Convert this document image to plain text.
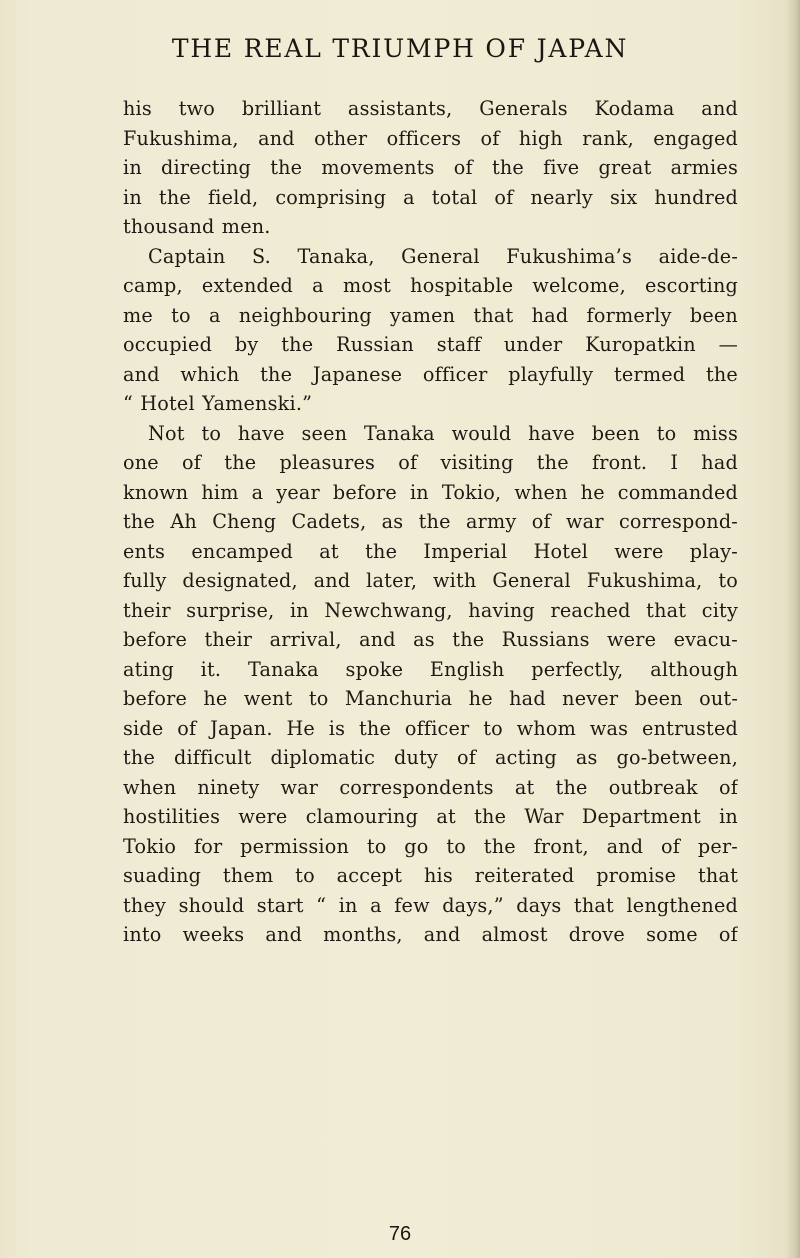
THE REAL TRIUMPH OF JAPAN
his two brilliant assistants, Generals Kodama and
Fukushima, and other officers of high rank, engaged
in directing the movements of the five great armies
in the field, comprising a total of nearly six hundred
thousand men.
Captain S. Tanaka, General Fukushima’s aide-de-
camp, extended a most hospitable welcome, escorting
me to a neighbouring yamen that had formerly been
occupied by the Russian staff under Kuropatkin —
and which the Japanese officer playfully termed the
“ Hotel Yamenski.”
Not to have seen Tanaka would have been to miss
one of the pleasures of visiting the front. I had
known him a year before in Tokio, when he commanded
the Ah Cheng Cadets, as the army of war correspond-
ents encamped at the Imperial Hotel were play-
fully designated, and later, with General Fukushima, to
their surprise, in Newchwang, having reached that city
before their arrival, and as the Russians were evacu-
ating it. Tanaka spoke English perfectly, although
before he went to Manchuria he had never been out-
side of Japan. He is the officer to whom was entrusted
the difficult diplomatic duty of acting as go-between,
when ninety war correspondents at the outbreak of
hostilities were clamouring at the War Department in
Tokio for permission to go to the front, and of per-
suading them to accept his reiterated promise that
they should start “ in a few days,” days that lengthened
into weeks and months, and almost drove some of
76
